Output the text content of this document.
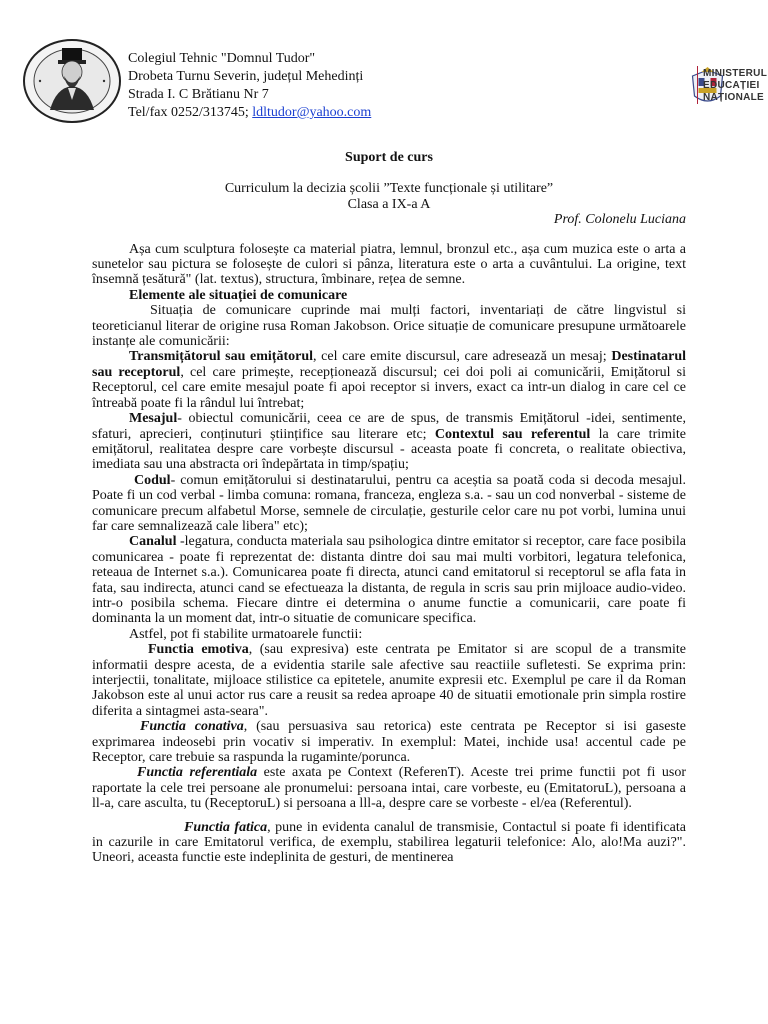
Colegiul Tehnic "Domnul Tudor"
Drobeta Turnu Severin, județul Mehedinți
Strada I. C Brătianu Nr 7
Tel/fax 0252/313745; ldltudor@yahoo.com
MINISTERUL
EDUCAȚIEI
NAȚIONALE
Suport de curs
Curriculum la decizia școlii ”Texte funcționale și utilitare”
Clasa a IX-a A
Prof. Colonelu Luciana

Așa cum sculptura folosește ca material piatra, lemnul, bronzul etc., așa cum muzica este o arta a sunetelor sau pictura se folosește de culori si pânza, literatura este o arta a cuvântului. La origine, text însemnă țesătură" (lat. textus), structura, îmbinare, rețea de semne.

Elemente ale situației de comunicare

Situația de comunicare cuprinde mai mulți factori, inventariați de către lingvistul si teoreticianul literar de origine rusa Roman Jakobson. Orice situație de comunicare presupune următoarele instanțe ale comunicării:

Transmițătorul sau emițătorul, cel care emite discursul, care adresează un mesaj; Destinatarul sau receptorul, cel care primește, recepționează discursul; cei doi poli ai comunicării, Emițătorul si Receptorul, cel care emite mesajul poate fi apoi receptor si invers, exact ca intr-un dialog in care cel ce întreabă poate fi la rândul lui întrebat;

Mesajul- obiectul comunicării, ceea ce are de spus, de transmis Emițătorul -idei, sentimente, sfaturi, aprecieri, conținuturi științifice sau literare etc; Contextul sau referentul la care trimite emițătorul, realitatea despre care vorbește discursul - aceasta poate fi concreta, o realitate obiectiva, imediata sau una abstracta ori îndepărtata in timp/spațiu;

Codul- comun emițătorului si destinatarului, pentru ca aceștia sa poată coda si decoda mesajul. Poate fi un cod verbal - limba comuna: romana, franceza, engleza s.a. - sau un cod nonverbal - sisteme de comunicare precum alfabetul Morse, semnele de circulație, gesturile celor care nu pot vorbi, lumina unui far care semnalizează cale libera" etc);

Canalul -legatura, conducta materiala sau psihologica dintre emitator si receptor, care face posibila comunicarea - poate fi reprezentat de: distanta dintre doi sau mai multi vorbitori, legatura telefonica, reteaua de Internet s.a.). Comunicarea poate fi directa, atunci cand emitatorul si receptorul se afla fata in fata, sau indirecta, atunci cand se efectueaza la distanta, de regula in scris sau prin mijloace audio-video. intr-o posibila schema. Fiecare dintre ei determina o anume functie a comunicarii, care poate fi dominanta la un moment dat, intr-o situatie de comunicare specifica.

Astfel, pot fi stabilite urmatoarele functii:

Functia emotiva, (sau expresiva) este centrata pe Emitator si are scopul de a transmite informatii despre acesta, de a evidentia starile sale afective sau reactiile sufletesti. Se exprima prin: interjectii, tonalitate, mijloace stilistice ca epitetele, anumite expresii etc. Exemplul pe care il da Roman Jakobson este al unui actor rus care a reusit sa redea aproape 40 de situatii emotionale prin simpla rostire diferita a sintagmei asta-seara".

Functia conativa, (sau persuasiva sau retorica) este centrata pe Receptor si isi gaseste exprimarea indeosebi prin vocativ si imperativ. In exemplul: Matei, inchide usa! accentul cade pe Receptor, care trebuie sa raspunda la rugaminte/porunca.

Functia referentiala este axata pe Context (ReferenT). Aceste trei prime functii pot fi usor raportate la cele trei persoane ale pronumelui: persoana intai, care vorbeste, eu (EmitatoruL), persoana a ll-a, care asculta, tu (ReceptoruL) si persoana a lll-a, despre care se vorbeste - el/ea (Referentul).

Functia fatica, pune in evidenta canalul de transmisie, Contactul si poate fi identificata in cazurile in care Emitatorul verifica, de exemplu, stabilirea legaturii telefonice: Alo, alo!Ma auzi?". Uneori, aceasta functie este indeplinita de gesturi, de mentinerea
